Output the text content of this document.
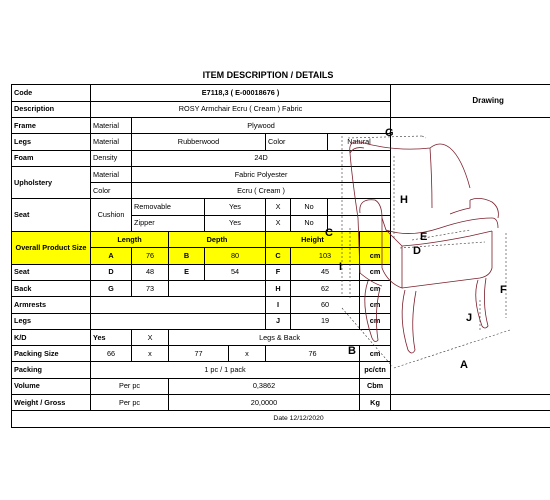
ITEM DESCRIPTION / DETAILS
Code	E7118,3 ( E-00018676 )									Drawing	
Description	ROSY Armchair Ecru ( Cream ) Fabric										
Frame	Material	Plywood									
Legs	Material	Rubberwood				Color		Natural			
Foam	Density	24D									
Upholstery	Material	Fabric Polyester									
	Color	Ecru ( Cream )									
Seat	Cushion	Removable		Yes		X	No				
		Zipper		Yes		X	No				
Overall Product Size	Length		Depth			Height					
	A	76	B	80		C	103		cm		
Seat	D	48	E	54		F	45		cm		
Back	G	73				H	62		cm		
Armrests						I	60		cm		
Legs						J	19		cm		
K/D	Yes	X	Legs & Back								
Packing Size	66	x	77		x	76			cm		
Packing	1 pc / 1 pack								pc/ctn		
Volume	Per pc		0,3862						Cbm		
Weight / Gross	Per pc		20,0000						Kg		
Date 12/12/2020											
G
H
C
D
E
I
F
J
B
A
